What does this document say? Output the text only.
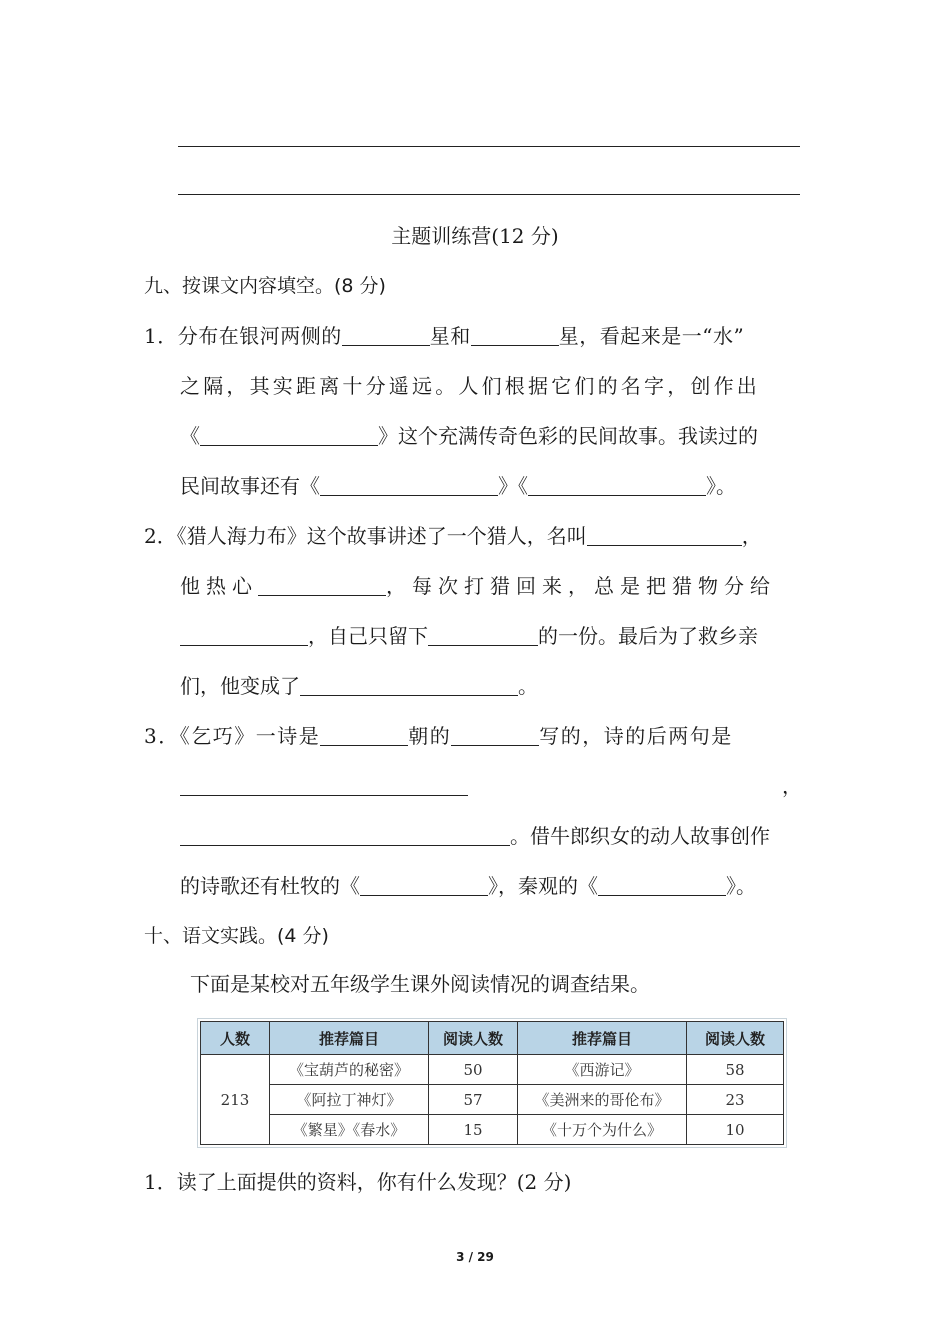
主题训练营(12 分)
九、按课文内容填空。(8 分)
1．分布在银河两侧的	星和	星，看起来是一“水”
之隔，其实距离十分遥远。人们根据它们的名字，创作出
《	》这个充满传奇色彩的民间故事。我读过的
民间故事还有《	》《	》。
2．《猎人海力布》这个故事讲述了一个猎人，名叫	，
他热心	，每次打猎回来，总是把猎物分给
，自己只留下	的一份。最后为了救乡亲
们，他变成了	。
3．《乞巧》一诗是	朝的	写的，诗的后两句是
，
。借牛郎织女的动人故事创作
的诗歌还有杜牧的《	》，秦观的《	》。
十、语文实践。(4 分)
下面是某校对五年级学生课外阅读情况的调查结果。
人数	推荐篇目	阅读人数	推荐篇目	阅读人数
213	《宝葫芦的秘密》	50	《西游记》	58
	《阿拉丁神灯》	57	《美洲来的哥伦布》	23
	《繁星》《春水》	15	《十万个为什么》	10
1．读了上面提供的资料，你有什么发现？(2 分)
3 / 29
